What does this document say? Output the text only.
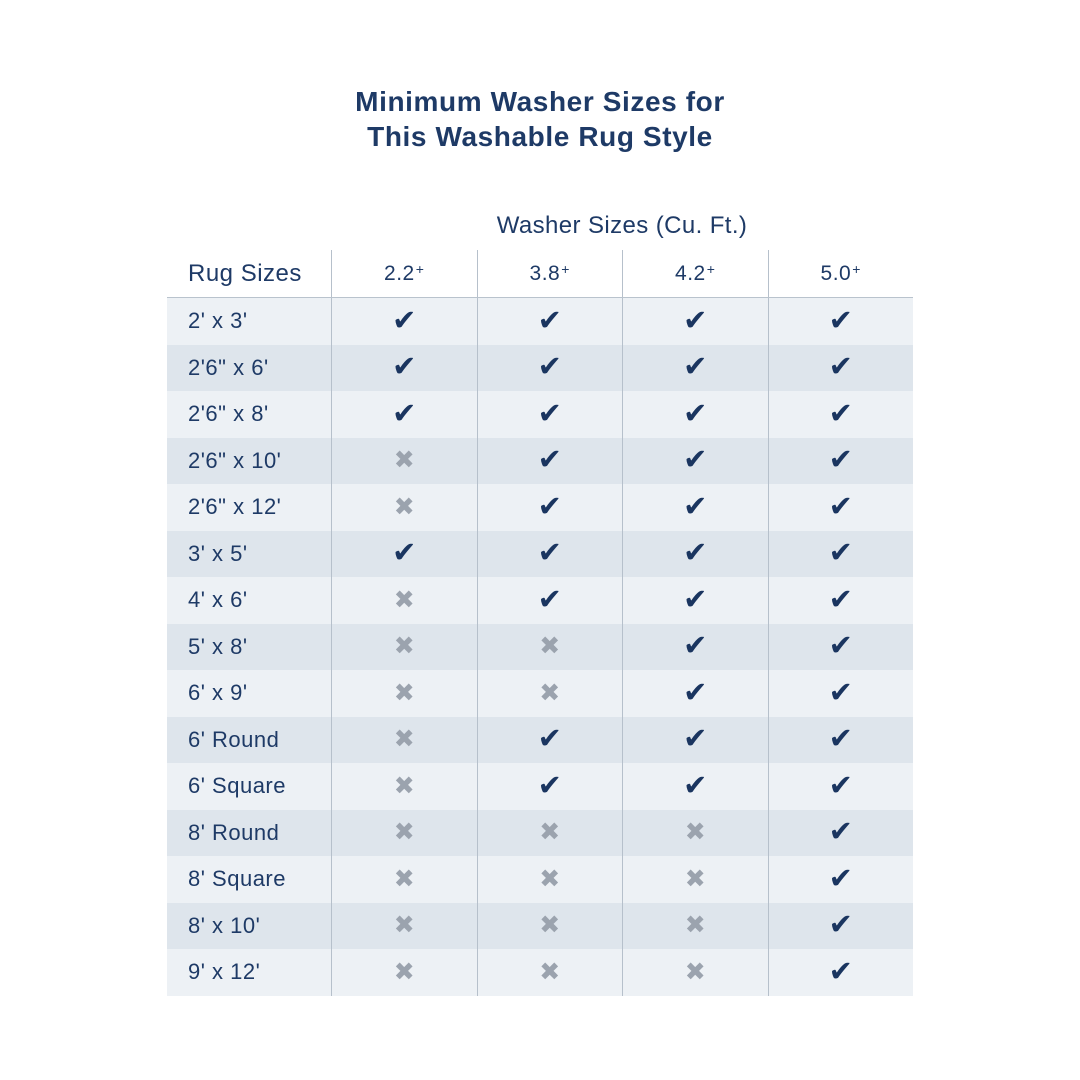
Minimum Washer Sizes for
This Washable Rug Style
Washer Sizes (Cu. Ft.)
Rug Sizes	2.2 +	3.8 +	4.2 +	5.0 +
2' x 3'	✔	✔	✔	✔
2'6" x 6'	✔	✔	✔	✔
2'6" x 8'	✔	✔	✔	✔
2'6" x 10'	✖	✔	✔	✔
2'6" x 12'	✖	✔	✔	✔
3' x 5'	✔	✔	✔	✔
4' x 6'	✖	✔	✔	✔
5' x 8'	✖	✖	✔	✔
6' x 9'	✖	✖	✔	✔
6' Round	✖	✔	✔	✔
6' Square	✖	✔	✔	✔
8' Round	✖	✖	✖	✔
8' Square	✖	✖	✖	✔
8' x 10'	✖	✖	✖	✔
9' x 12'	✖	✖	✖	✔
